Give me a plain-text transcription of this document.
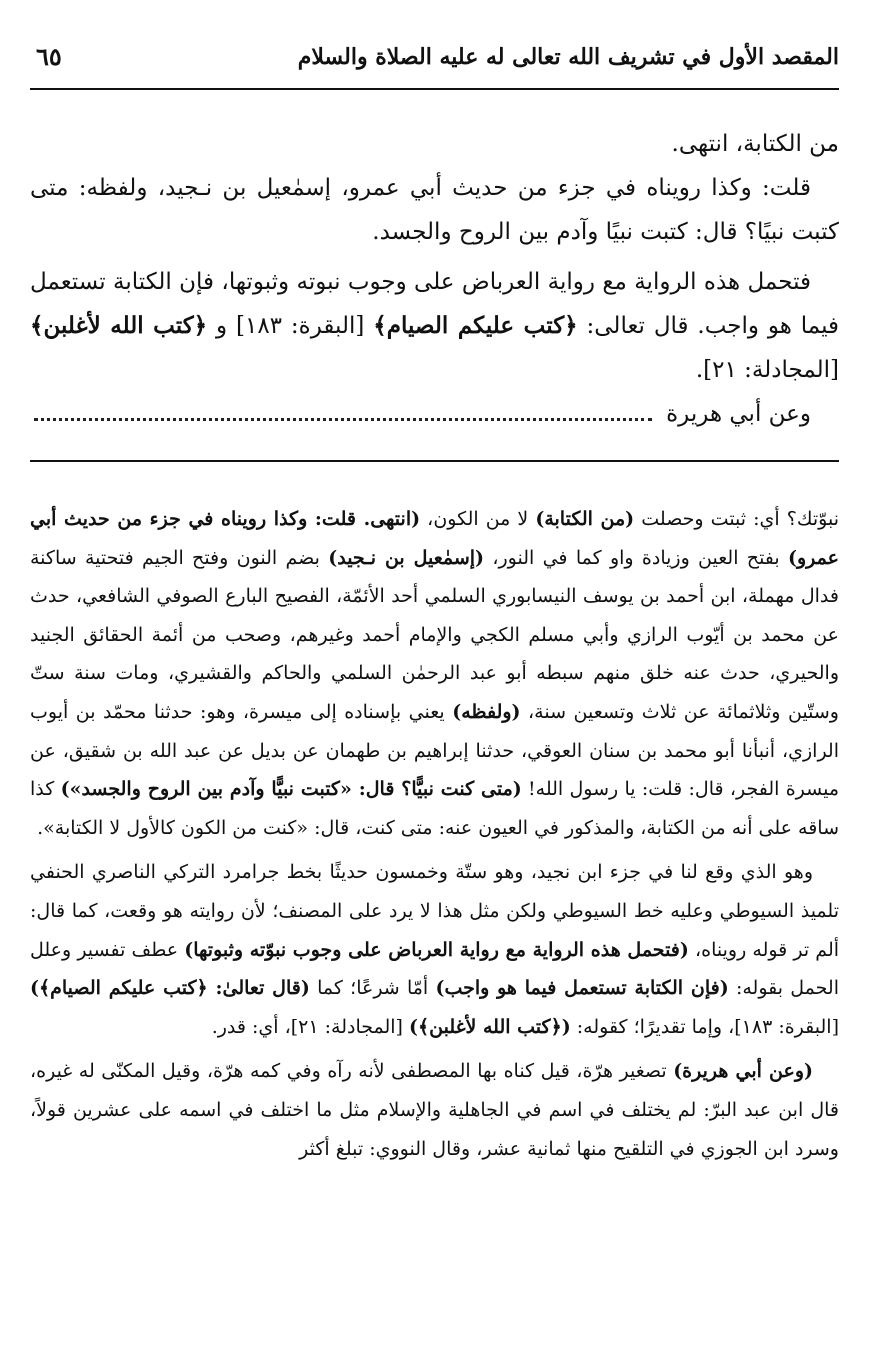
المقصد الأول في تشريف الله تعالى له عليه الصلاة والسلام
٦٥

من الكتابة، انتهى.

قلت: وكذا رويناه في جزء من حديث أبي عمرو، إسمٰعيل بن نـجيد، ولفظه: متى كتبت نبيًا؟ قال: كتبت نبيًا وآدم بين الروح والجسد.

فتحمل هذه الرواية مع رواية العرباض على وجوب نبوته وثبوتها، فإن الكتابة تستعمل فيما هو واجب. قال تعالى: ﴿كتب عليكم الصيام﴾ [البقرة: ١٨٣] و ﴿كتب الله لأغلبن﴾ [المجادلة: ٢١].

وعن أبي هريرة

نبوّتك؟ أي: ثبتت وحصلت (من الكتابة) لا من الكون، (انتهى. قلت: وكذا رويناه في جزء من حديث أبي عمرو) بفتح العين وزيادة واو كما في النور، (إسمٰعيل بن نـجيد) بضم النون وفتح الجيم فتحتية ساكنة فدال مهملة، ابن أحمد بن يوسف النيسابوري السلمي أحد الأئمّة، الفصيح البارع الصوفي الشافعي، حدث عن محمد بن أيّوب الرازي وأبي مسلم الكجي والإمام أحمد وغيرهم، وصحب من أئمة الحقائق الجنيد والحيري، حدث عنه خلق منهم سبطه أبو عبد الرحمٰن السلمي والحاكم والقشيري، ومات سنة ستّ وستّين وثلاثمائة عن ثلاث وتسعين سنة، (ولفظه) يعني بإسناده إلى ميسرة، وهو: حدثنا محمّد بن أيوب الرازي، أنبأنا أبو محمد بن سنان العوقي، حدثنا إبراهيم بن طهمان عن بديل عن عبد الله بن شقيق، عن ميسرة الفجر، قال: قلت: يا رسول الله! (متى كنت نبيًّا؟ قال: «كتبت نبيًّا وآدم بين الروح والجسد») كذا ساقه على أنه من الكتابة، والمذكور في العيون عنه: متى كنت، قال: «كنت من الكون كالأول لا الكتابة».

وهو الذي وقع لنا في جزء ابن نجيد، وهو ستّة وخمسون حديثًا بخط جرامرد التركي الناصري الحنفي تلميذ السيوطي وعليه خط السيوطي ولكن مثل هذا لا يرد على المصنف؛ لأن روايته هو وقعت، كما قال: ألم تر قوله رويناه، (فتحمل هذه الرواية مع رواية العرباض على وجوب نبوّته وثبوتها) عطف تفسير وعلل الحمل بقوله: (فإن الكتابة تستعمل فيما هو واجب) أمّا شرعًا؛ كما (قال تعالىٰ: ﴿كتب عليكم الصيام﴾) [البقرة: ١٨٣]، وإما تقديرًا؛ كقوله: (﴿كتب الله لأغلبن﴾) [المجادلة: ٢١]، أي: قدر.

(وعن أبي هريرة) تصغير هرّة، قيل كناه بها المصطفى لأنه رآه وفي كمه هرّة، وقيل المكنّى له غيره، قال ابن عبد البرّ: لم يختلف في اسم في الجاهلية والإسلام مثل ما اختلف في اسمه على عشرين قولاً، وسرد ابن الجوزي في التلقيح منها ثمانية عشر، وقال النووي: تبلغ أكثر
